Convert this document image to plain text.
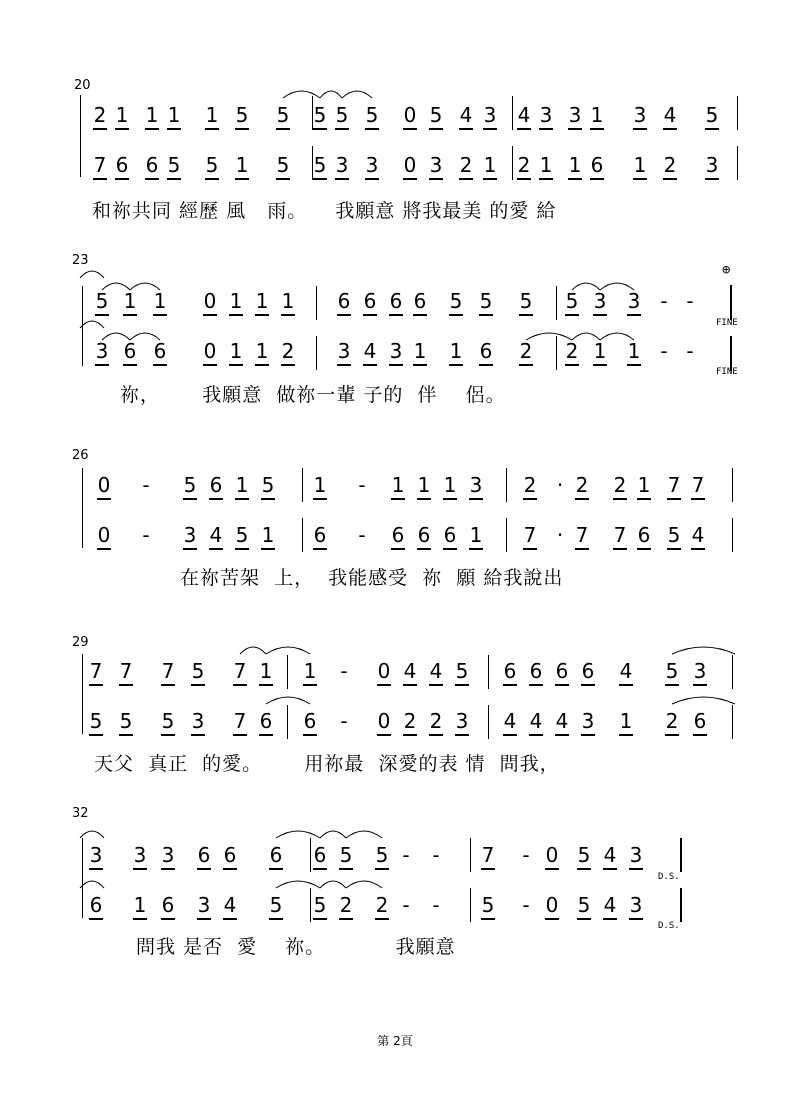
20
和祢共同 經歷 風   雨。    我願意 將我最美 的愛 給
23
⊕
FINE
FINE
祢，      我願意  做祢一輩 子的  伴    侶。
26
在祢苦架  上，  我能感受  祢  願 給我說出
29
天父  真正  的愛。      用祢最  深愛的表 情  問我，
32
D.S.
D.S.
問我 是否  愛    祢。          我願意
第 2頁
2 1 1 1 1 5 5 5 5 5 0 5 4 3 4 3 3 1 3 4 5
7 6 6 5 5 1 5 5 3 3 0 3 2 1 2 1 1 6 1 2 3
5 1 1 0 1 1 1 6 6 6 6 5 5 5 5 3 3 - -
3 6 6 0 1 1 2 3 4 3 1 1 6 2 2 1 1 - -
0 - 5 6 1 5 1 - 1 1 1 3 2 · 2 2 1 7 7
0 - 3 4 5 1 6 - 6 6 6 1 7 · 7 7 6 5 4
7 7 7 5 7 1 1 - 0 4 4 5 6 6 6 6 4 5 3
5 5 5 3 7 6 6 - 0 2 2 3 4 4 4 3 1 2 6
3 3 3 6 6 6 6 5 5 - - 7 - 0 5 4 3
6 1 6 3 4 5 5 2 2 - - 5 - 0 5 4 3
